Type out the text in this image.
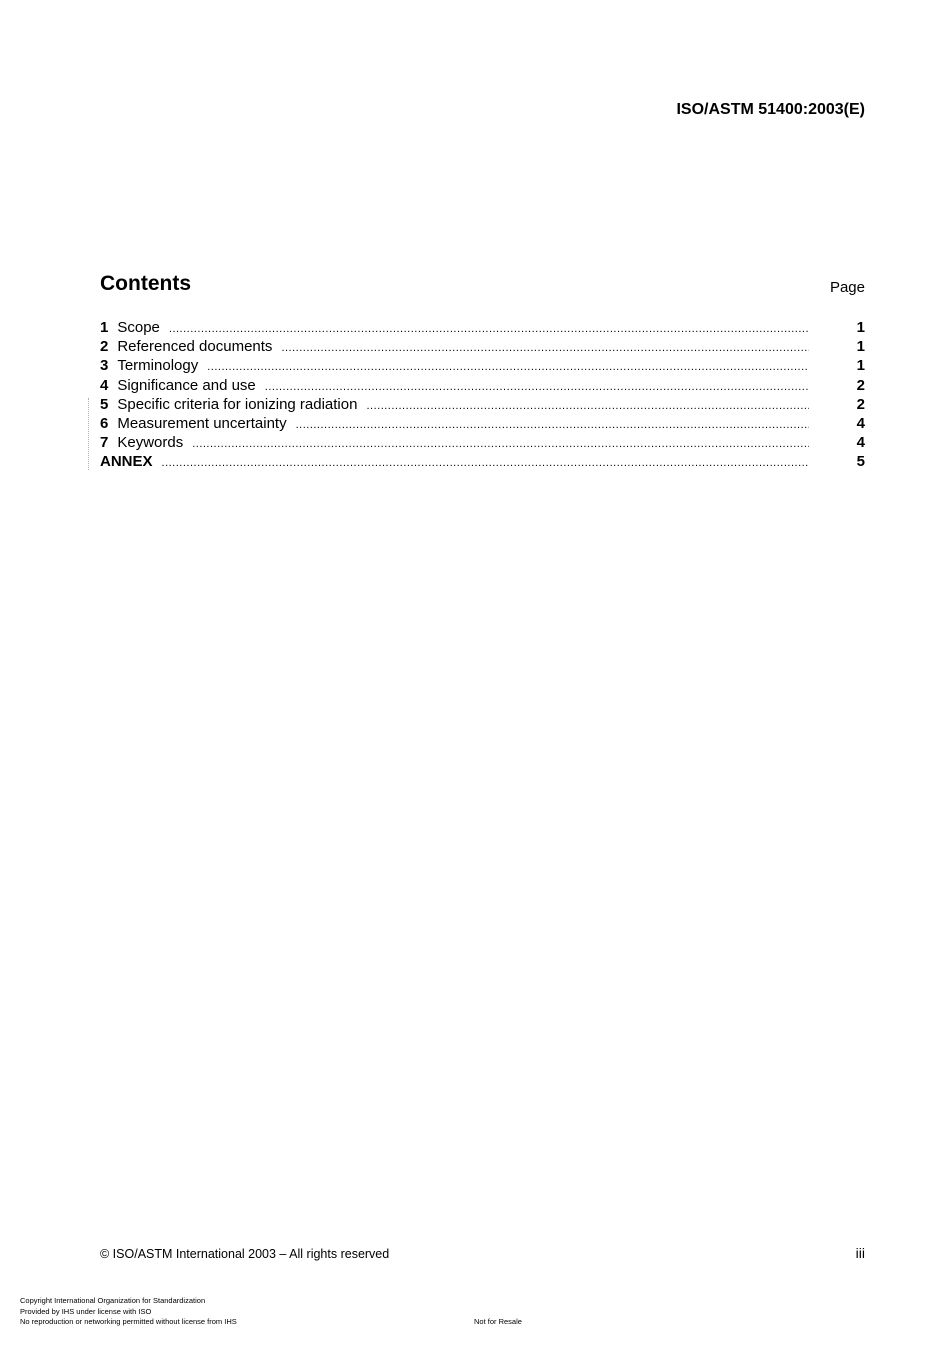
ISO/ASTM 51400:2003(E)
Contents	Page
1 Scope .....	1
2 Referenced documents .....	1
3 Terminology .....	1
4 Significance and use .....	2
5 Specific criteria for ionizing radiation .....	2
6 Measurement uncertainty .....	4
7 Keywords .....	4
ANNEX .....	5
© ISO/ASTM International 2003 – All rights reserved	iii
Copyright International Organization for Standardization
Provided by IHS under license with ISO
No reproduction or networking permitted without license from IHS	Not for Resale
